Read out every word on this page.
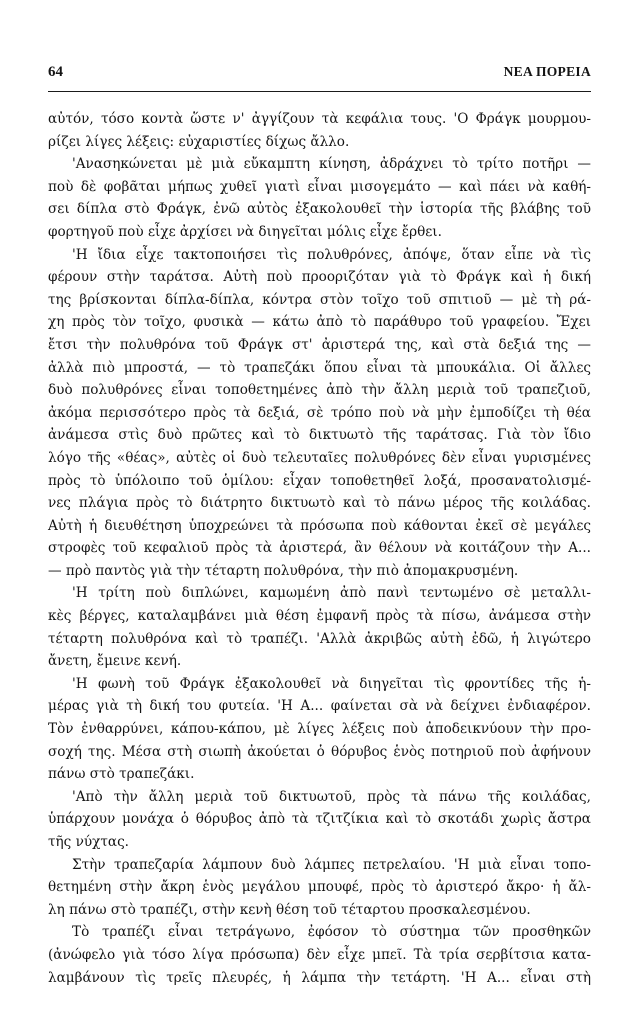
64	ΝΕΑ ΠΟΡΕΙΑ
αὐτόν, τόσο κοντὰ ὥστε ν' ἀγγίζουν τὰ κεφάλια τους. 'Ο Φράγκ μουρμου-
ρίζει λίγες λέξεις: εὐχαριστίες δίχως ἄλλο.
'Ανασηκώνεται μὲ μιὰ εὔκαμπτη κίνηση, ἀδράχνει τὸ τρίτο ποτῆρι —
ποὺ δὲ φοβᾶται μήπως χυθεῖ γιατὶ εἶναι μισογεμάτο — καὶ πάει νὰ καθή-
σει δίπλα στὸ Φράγκ, ἐνῶ αὐτὸς ἐξακολουθεῖ τὴν ἱστορία τῆς βλάβης τοῦ
φορτηγοῦ ποὺ εἶχε ἀρχίσει νὰ διηγεῖται μόλις εἶχε ἔρθει.
'Η ἴδια εἶχε τακτοποιήσει τὶς πολυθρόνες, ἀπόψε, ὅταν εἶπε νὰ τὶς
φέρουν στὴν ταράτσα. Αὐτὴ ποὺ προοριζόταν γιὰ τὸ Φράγκ καὶ ἡ δική
της βρίσκονται δίπλα-δίπλα, κόντρα στὸν τοῖχο τοῦ σπιτιοῦ — μὲ τὴ ρά-
χη πρὸς τὸν τοῖχο, φυσικὰ — κάτω ἀπὸ τὸ παράθυρο τοῦ γραφείου. Ἔχει
ἔτσι τὴν πολυθρόνα τοῦ Φράγκ στ' ἀριστερά της, καὶ στὰ δεξιά της —
ἀλλὰ πιὸ μπροστά, — τὸ τραπεζάκι ὅπου εἶναι τὰ μπουκάλια. Οἱ ἄλλες
δυὸ πολυθρόνες εἶναι τοποθετημένες ἀπὸ τὴν ἄλλη μεριὰ τοῦ τραπεζιοῦ,
ἀκόμα περισσότερο πρὸς τὰ δεξιά, σὲ τρόπο ποὺ νὰ μὴν ἐμποδίζει τὴ θέα
ἀνάμεσα στὶς δυὸ πρῶτες καὶ τὸ δικτυωτὸ τῆς ταράτσας. Γιὰ τὸν ἴδιο
λόγο τῆς «θέας», αὐτὲς οἱ δυὸ τελευταῖες πολυθρόνες δὲν εἶναι γυρισμένες
πρὸς τὸ ὑπόλοιπο τοῦ ὁμίλου: εἶχαν τοποθετηθεῖ λοξά, προσανατολισμέ-
νες πλάγια πρὸς τὸ διάτρητο δικτυωτὸ καὶ τὸ πάνω μέρος τῆς κοιλάδας.
Αὐτὴ ἡ διευθέτηση ὑποχρεώνει τὰ πρόσωπα ποὺ κάθονται ἐκεῖ σὲ μεγάλες
στροφὲς τοῦ κεφαλιοῦ πρὸς τὰ ἀριστερά, ἂν θέλουν νὰ κοιτάζουν τὴν Α...
— πρὸ παντὸς γιὰ τὴν τέταρτη πολυθρόνα, τὴν πιὸ ἀπομακρυσμένη.
'Η τρίτη ποὺ διπλώνει, καμωμένη ἀπὸ πανὶ τεντωμένο σὲ μεταλλι-
κὲς βέργες, καταλαμβάνει μιὰ θέση ἐμφανῆ πρὸς τὰ πίσω, ἀνάμεσα στὴν
τέταρτη πολυθρόνα καὶ τὸ τραπέζι. 'Αλλὰ ἀκριβῶς αὐτὴ ἐδῶ, ἡ λιγώτερο
ἄνετη, ἔμεινε κενή.
'Η φωνὴ τοῦ Φράγκ ἐξακολουθεῖ νὰ διηγεῖται τὶς φροντίδες τῆς ἡ-
μέρας γιὰ τὴ δική του φυτεία. 'Η Α... φαίνεται σὰ νὰ δείχνει ἐνδιαφέρον.
Τὸν ἐνθαρρύνει, κάπου-κάπου, μὲ λίγες λέξεις ποὺ ἀποδεικνύουν τὴν προ-
σοχή της. Μέσα στὴ σιωπὴ ἀκούεται ὁ θόρυβος ἑνὸς ποτηριοῦ ποὺ ἀφήνουν
πάνω στὸ τραπεζάκι.
'Απὸ τὴν ἄλλη μεριὰ τοῦ δικτυωτοῦ, πρὸς τὰ πάνω τῆς κοιλάδας,
ὑπάρχουν μονάχα ὁ θόρυβος ἀπὸ τὰ τζιτζίκια καὶ τὸ σκοτάδι χωρὶς ἄστρα
τῆς νύχτας.
Στὴν τραπεζαρία λάμπουν δυὸ λάμπες πετρελαίου. 'Η μιὰ εἶναι τοπο-
θετημένη στὴν ἄκρη ἑνὸς μεγάλου μπουφέ, πρὸς τὸ ἀριστερό ἄκρο· ἡ ἄλ-
λη πάνω στὸ τραπέζι, στὴν κενὴ θέση τοῦ τέταρτου προσκαλεσμένου.
Τὸ τραπέζι εἶναι τετράγωνο, ἐφόσον τὸ σύστημα τῶν προσθηκῶν
(ἀνώφελο γιὰ τόσο λίγα πρόσωπα) δὲν εἶχε μπεῖ. Τὰ τρία σερβίτσια κατα-
λαμβάνουν τὶς τρεῖς πλευρές, ἡ λάμπα τὴν τετάρτη. 'Η Α... εἶναι στὴ
